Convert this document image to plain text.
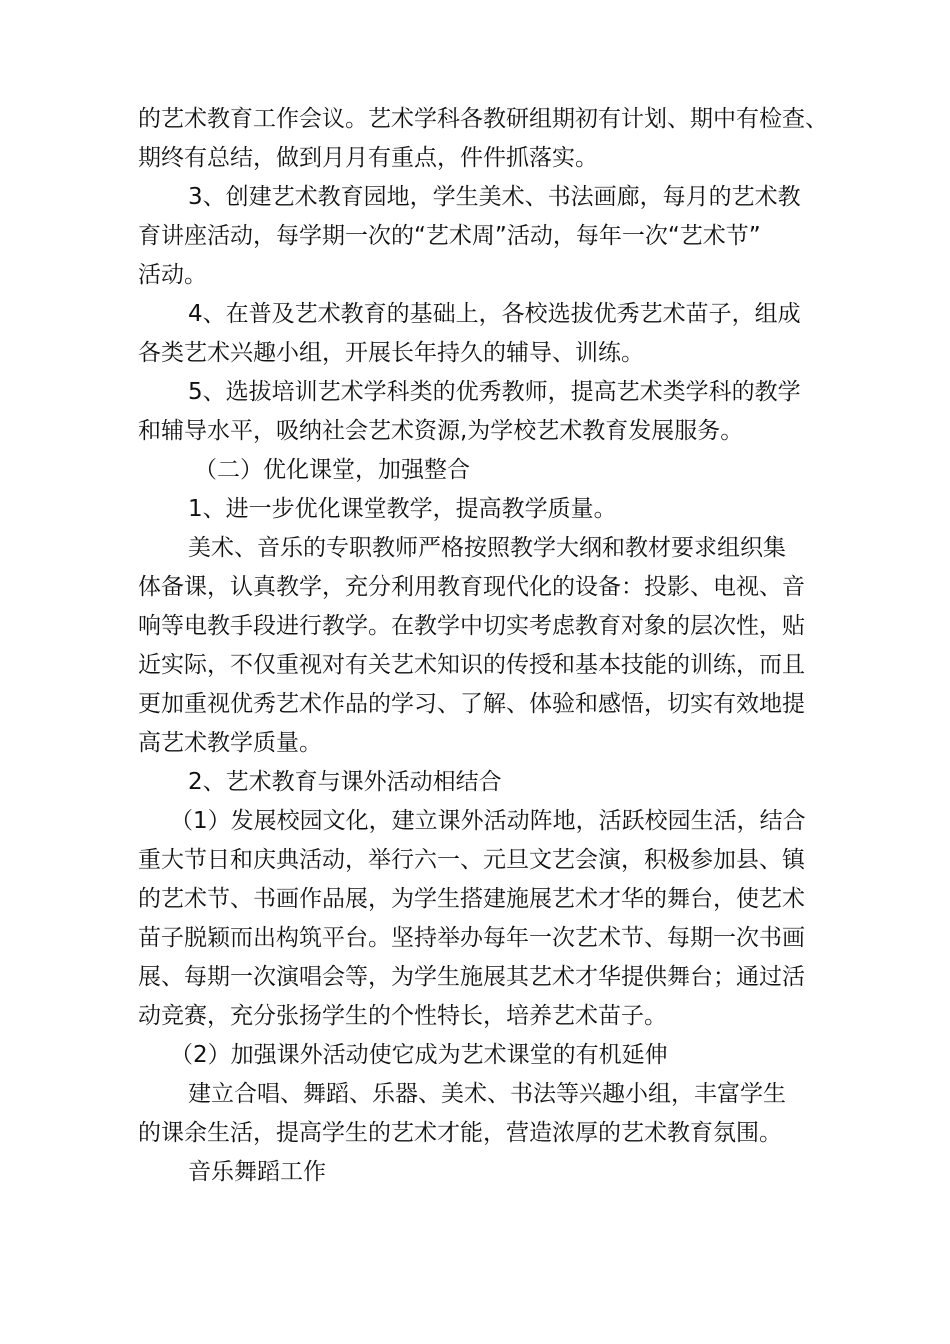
的艺术教育工作会议。艺术学科各教研组期初有计划、期中有检查、
期终有总结，做到月月有重点，件件抓落实。
3、创建艺术教育园地，学生美术、书法画廊，每月的艺术教
育讲座活动，每学期一次的“艺术周”活动，每年一次“艺术节”
活动。
4、在普及艺术教育的基础上，各校选拔优秀艺术苗子，组成
各类艺术兴趣小组，开展长年持久的辅导、训练。
5、选拔培训艺术学科类的优秀教师，提高艺术类学科的教学
和辅导水平，吸纳社会艺术资源,为学校艺术教育发展服务。
（二）优化课堂，加强整合
1、进一步优化课堂教学，提高教学质量。
美术、音乐的专职教师严格按照教学大纲和教材要求组织集
体备课，认真教学，充分利用教育现代化的设备：投影、电视、音
响等电教手段进行教学。在教学中切实考虑教育对象的层次性，贴
近实际，不仅重视对有关艺术知识的传授和基本技能的训练，而且
更加重视优秀艺术作品的学习、了解、体验和感悟，切实有效地提
高艺术教学质量。
2、艺术教育与课外活动相结合
（1）发展校园文化，建立课外活动阵地，活跃校园生活，结合
重大节日和庆典活动，举行六一、元旦文艺会演，积极参加县、镇
的艺术节、书画作品展，为学生搭建施展艺术才华的舞台，使艺术
苗子脱颖而出构筑平台。坚持举办每年一次艺术节、每期一次书画
展、每期一次演唱会等，为学生施展其艺术才华提供舞台；通过活
动竞赛，充分张扬学生的个性特长，培养艺术苗子。
（2）加强课外活动使它成为艺术课堂的有机延伸
建立合唱、舞蹈、乐器、美术、书法等兴趣小组，丰富学生
的课余生活，提高学生的艺术才能，营造浓厚的艺术教育氛围。
音乐舞蹈工作
